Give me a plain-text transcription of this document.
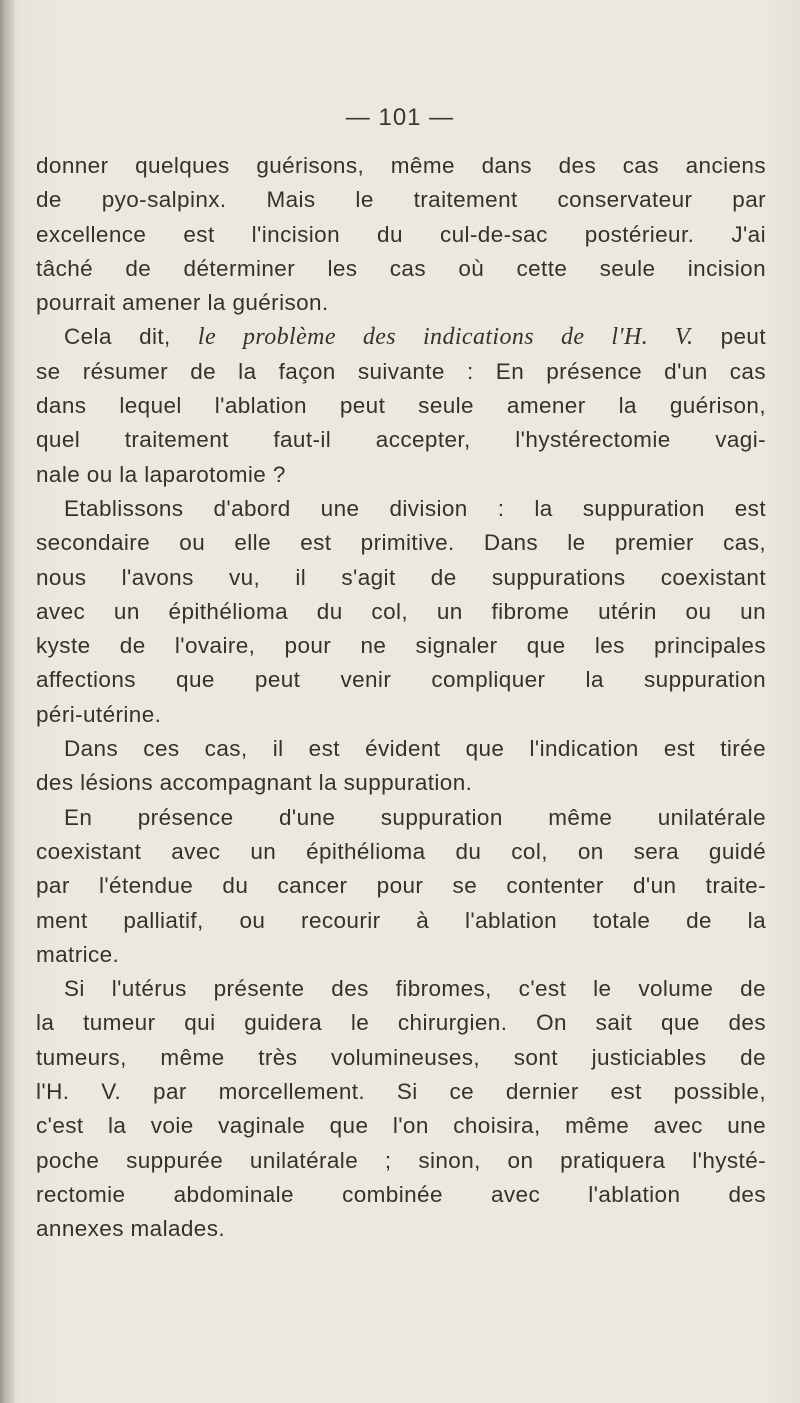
— 101 —
donner quelques guérisons, même dans des cas anciens
de pyo-salpinx. Mais le traitement conservateur par
excellence est l'incision du cul-de-sac postérieur. J'ai
tâché de déterminer les cas où cette seule incision
pourrait amener la guérison.
Cela dit, le problème des indications de l'H. V. peut
se résumer de la façon suivante : En présence d'un cas
dans lequel l'ablation peut seule amener la guérison,
quel traitement faut-il accepter, l'hystérectomie vagi-
nale ou la laparotomie ?
Etablissons d'abord une division : la suppuration est
secondaire ou elle est primitive. Dans le premier cas,
nous l'avons vu, il s'agit de suppurations coexistant
avec un épithélioma du col, un fibrome utérin ou un
kyste de l'ovaire, pour ne signaler que les principales
affections que peut venir compliquer la suppuration
péri-utérine.
Dans ces cas, il est évident que l'indication est tirée
des lésions accompagnant la suppuration.
En présence d'une suppuration même unilatérale
coexistant avec un épithélioma du col, on sera guidé
par l'étendue du cancer pour se contenter d'un traite-
ment palliatif, ou recourir à l'ablation totale de la
matrice.
Si l'utérus présente des fibromes, c'est le volume de
la tumeur qui guidera le chirurgien. On sait que des
tumeurs, même très volumineuses, sont justiciables de
l'H. V. par morcellement. Si ce dernier est possible,
c'est la voie vaginale que l'on choisira, même avec une
poche suppurée unilatérale ; sinon, on pratiquera l'hysté-
rectomie abdominale combinée avec l'ablation des
annexes malades.
